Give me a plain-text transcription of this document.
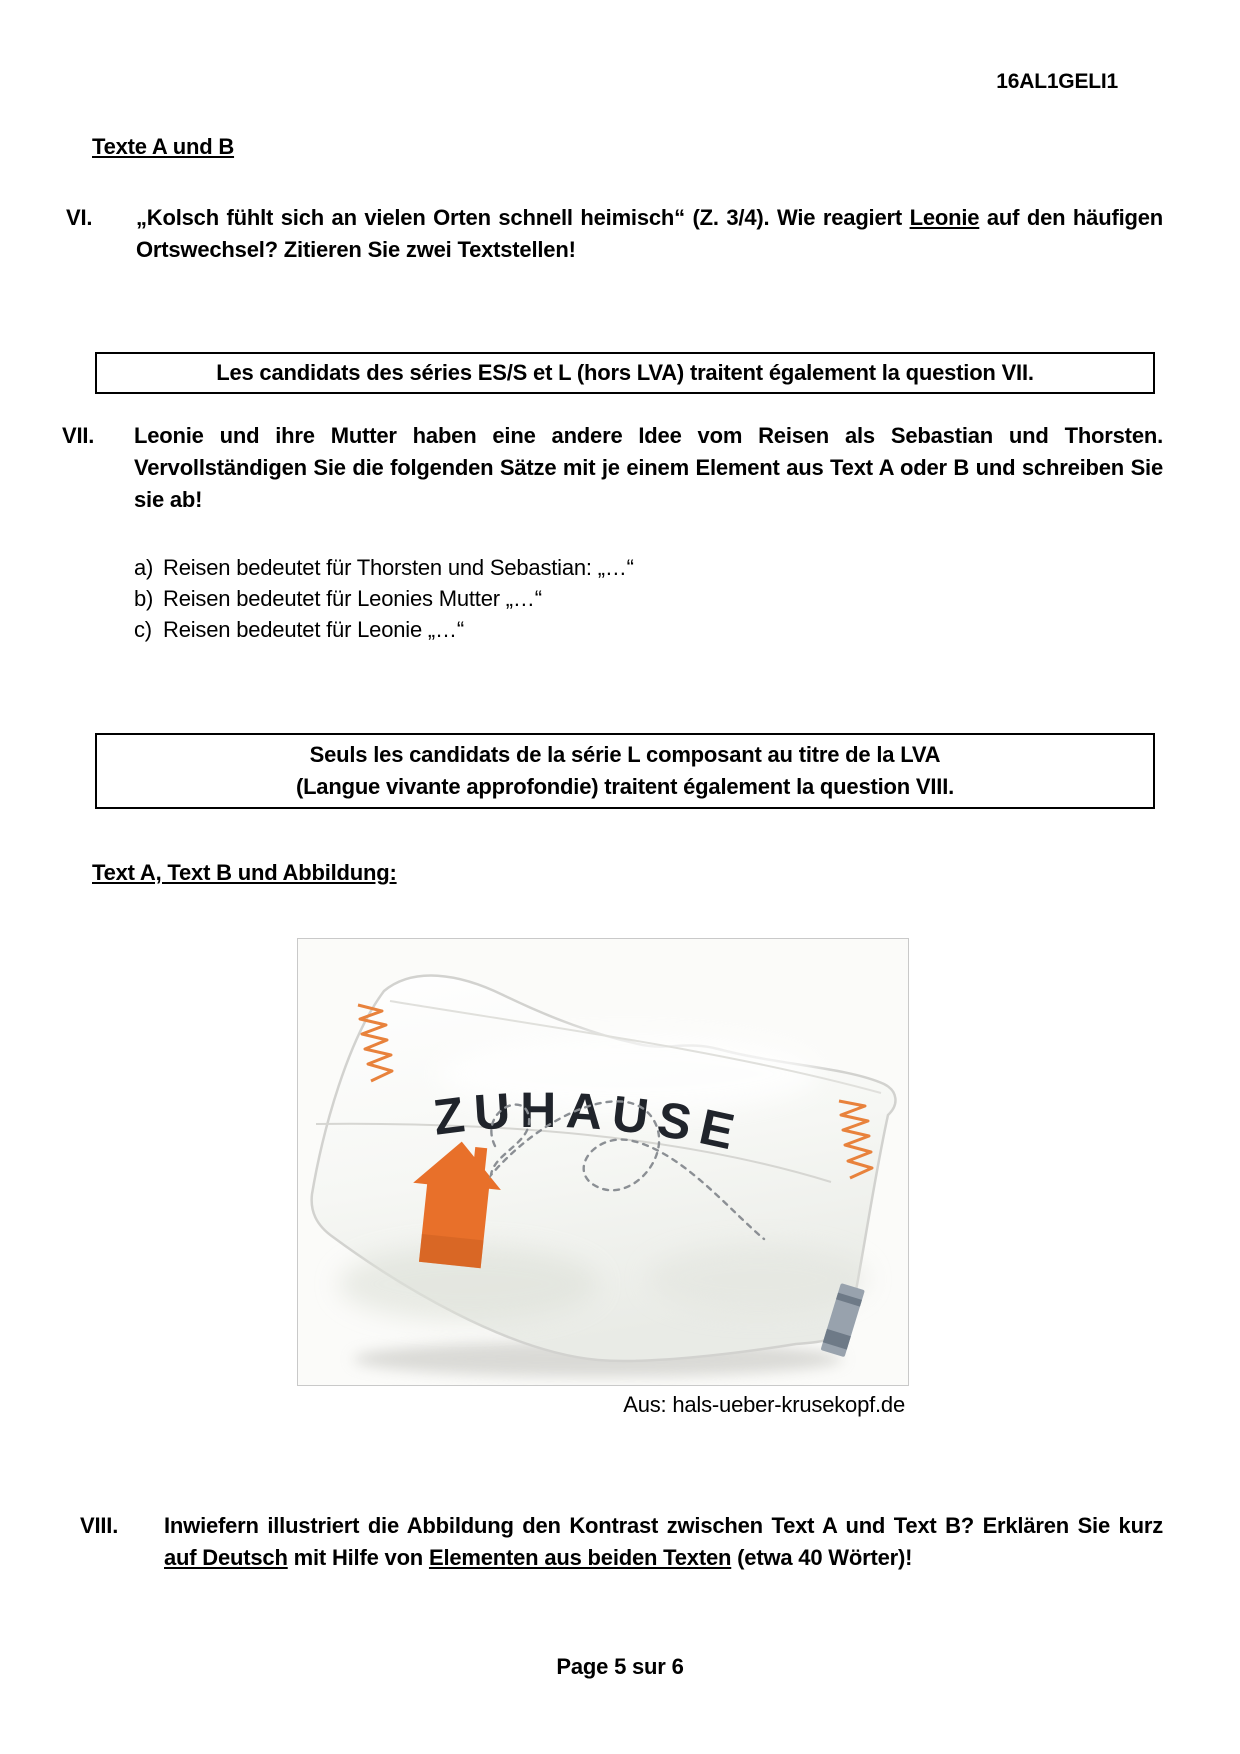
16AL1GELI1
Texte A und B
VI. „Kolsch fühlt sich an vielen Orten schnell heimisch“ (Z. 3/4). Wie reagiert Leonie auf den häufigen Ortswechsel? Zitieren Sie zwei Textstellen!
Les candidats des séries ES/S et L (hors LVA) traitent également la question VII.
VII. Leonie und ihre Mutter haben eine andere Idee vom Reisen als Sebastian und Thorsten. Vervollständigen Sie die folgenden Sätze mit je einem Element aus Text A oder B und schreiben Sie sie ab!
a) Reisen bedeutet für Thorsten und Sebastian: „…“
b) Reisen bedeutet für Leonies Mutter „…“
c) Reisen bedeutet für Leonie „…“
Seuls les candidats de la série L composant au titre de la LVA
(Langue vivante approfondie) traitent également la question VIII.
Text A, Text B und Abbildung:
ZUHAUSE
Aus: hals-ueber-krusekopf.de
VIII. Inwiefern illustriert die Abbildung den Kontrast zwischen Text A und Text B? Erklären Sie kurz auf Deutsch mit Hilfe von Elementen aus beiden Texten (etwa 40 Wörter)!
Page 5 sur 6
